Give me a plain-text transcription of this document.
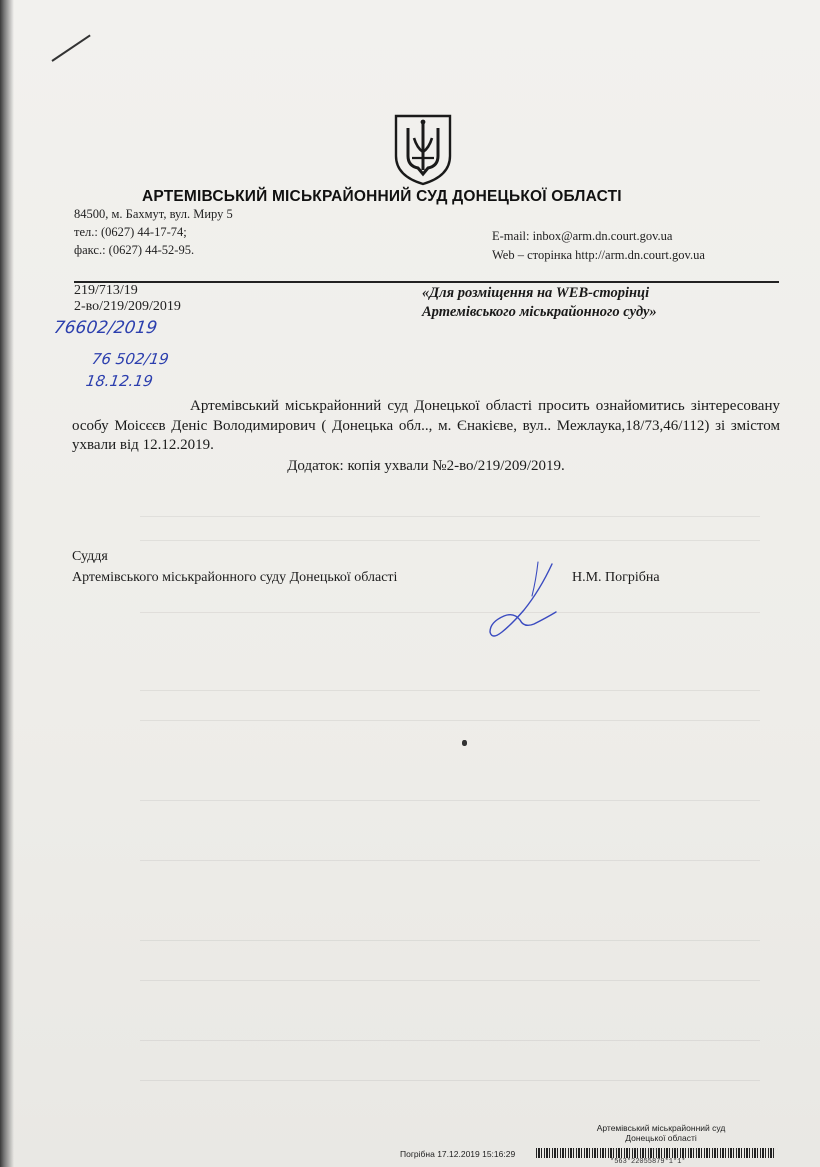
АРТЕМІВСЬКИЙ МІСЬКРАЙОННИЙ СУД ДОНЕЦЬКОЇ ОБЛАСТІ
84500, м. Бахмут, вул. Миру 5
тел.: (0627) 44-17-74;
факс.: (0627) 44-52-95.
E-mail: inbox@arm.dn.court.gov.ua
Web – сторінка http://arm.dn.court.gov.ua
219/713/19
2-во/219/209/2019
«Для розміщення на WEB-сторінці
Артемівського міськрайонного суду»
76602/2019
76 502/19
18.12.19
Артемівський міськрайонний суд Донецької області просить ознайомитись зінтересовану особу Моісєєв Деніс Володимирович ( Донецька обл.., м. Єнакієве, вул.. Межлаука,18/73,46/112) зі змістом ухвали від 12.12.2019.
Додаток: копія ухвали №2-во/219/209/2019.
Суддя
Артемівського міськрайонного суду Донецької області	Н.М. Погрібна
Артемівський міськрайонний суд
Донецької області
Погрібна 17.12.2019 15:16:29
*563*22055879*1*1*
